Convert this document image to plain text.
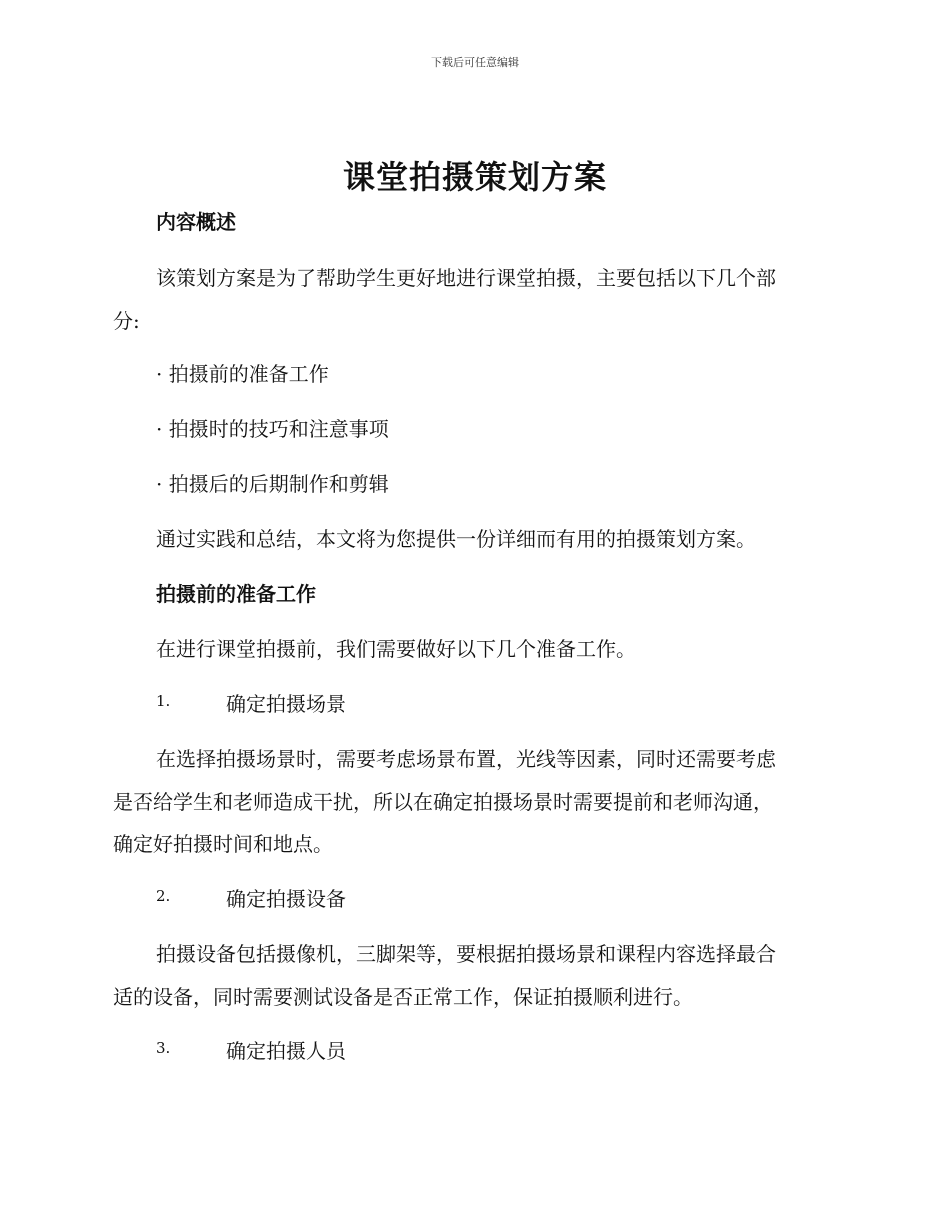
下载后可任意编辑
课堂拍摄策划方案
内容概述
该策划方案是为了帮助学生更好地进行课堂拍摄，主要包括以下几个部
分:
· 拍摄前的准备工作
· 拍摄时的技巧和注意事项
· 拍摄后的后期制作和剪辑
通过实践和总结，本文将为您提供一份详细而有用的拍摄策划方案。
拍摄前的准备工作
在进行课堂拍摄前，我们需要做好以下几个准备工作。
1.	确定拍摄场景
在选择拍摄场景时，需要考虑场景布置，光线等因素，同时还需要考虑
是否给学生和老师造成干扰，所以在确定拍摄场景时需要提前和老师沟通，
确定好拍摄时间和地点。
2.	确定拍摄设备
拍摄设备包括摄像机，三脚架等，要根据拍摄场景和课程内容选择最合
适的设备，同时需要测试设备是否正常工作，保证拍摄顺利进行。
3.	确定拍摄人员
